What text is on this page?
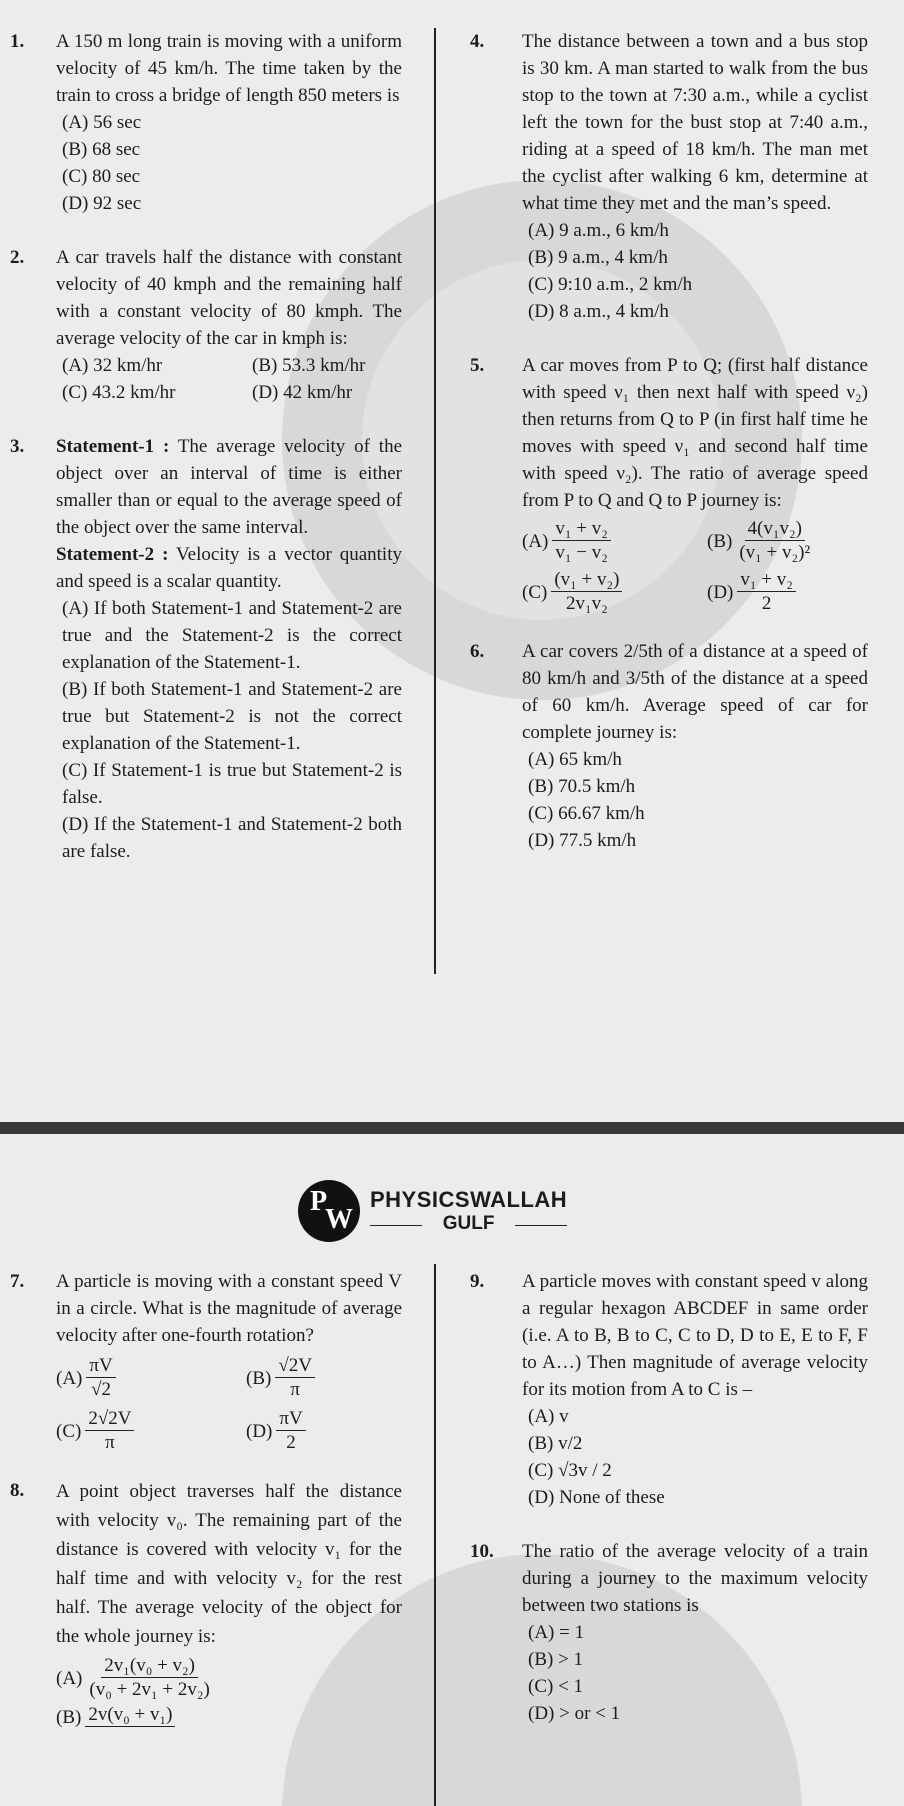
1. A 150 m long train is moving with a uniform velocity of 45 km/h. The time taken by the train to cross a bridge of length 850 meters is
(A) 56 sec
(B) 68 sec
(C) 80 sec
(D) 92 sec
2. A car travels half the distance with constant velocity of 40 kmph and the remaining half with a constant velocity of 80 kmph. The average velocity of the car in kmph is:
(A) 32 km/hr	(B) 53.3 km/hr
(C) 43.2 km/hr	(D) 42 km/hr
3. Statement-1 : The average velocity of the object over an interval of time is either smaller than or equal to the average speed of the object over the same interval.
Statement-2 : Velocity is a vector quantity and speed is a scalar quantity.
(A) If both Statement-1 and Statement-2 are true and the Statement-2 is the correct explanation of the Statement-1.
(B) If both Statement-1 and Statement-2 are true but Statement-2 is not the correct explanation of the Statement-1.
(C) If Statement-1 is true but Statement-2 is false.
(D) If the Statement-1 and Statement-2 both are false.
4. The distance between a town and a bus stop is 30 km. A man started to walk from the bus stop to the town at 7:30 a.m., while a cyclist left the town for the bust stop at 7:40 a.m., riding at a speed of 18 km/h. The man met the cyclist after walking 6 km, determine at what time they met and the man’s speed.
(A) 9 a.m., 6 km/h
(B) 9 a.m., 4 km/h
(C) 9:10 a.m., 2 km/h
(D) 8 a.m., 4 km/h
5. A car moves from P to Q; (first half distance with speed ν₁ then next half with speed ν₂) then returns from Q to P (in first half time he moves with speed ν₁ and second half time with speed ν₂). The ratio of average speed from P to Q and Q to P journey is:
$(A) \frac{\text{v₁ + v₂}}{\text{v₁ − v₂}}$	$(B) \frac{\text{4(v₁v₂)}}{\text{(v₁ + v₂)²}}$
$(C) \frac{\text{(v₁ + v₂)}}{\text{2v₁v₂}}$	$(D) \frac{\text{v₁ + v₂}}{2}$
6. A car covers 2/5th of a distance at a speed of 80 km/h and 3/5th of the distance at a speed of 60 km/h. Average speed of car for complete journey is:
(A) 65 km/h
(B) 70.5 km/h
(C) 66.67 km/h
(D) 77.5 km/h
P
W
PHYSICSWALLAH
GULF
7. A particle is moving with a constant speed V in a circle. What is the magnitude of average velocity after one-fourth rotation?
$(A) \frac{\pi V}{√2}$	$(B) \frac{√2V}{\pi}$
$(C) \frac{2√2V}{\pi}$	$(D) \frac{\pi V}{2}$
8. A point object traverses half the distance with velocity v₀. The remaining part of the distance is covered with velocity v₁ for the half time and with velocity v₂ for the rest half. The average velocity of the object for the whole journey is:
$(A) \frac{\text{2v₁(v₀ + v₂)}}{\text{(v₀ + 2v₁ + 2v₂)}}$
(B) 2v(v₀ + v₁)
9. A particle moves with constant speed v along a regular hexagon ABCDEF in same order (i.e. A to B, B to C, C to D, D to E, E to F, F to A…) Then magnitude of average velocity for its motion from A to C is –
(A) v
(B) v/2
(C) √3v / 2
(D) None of these
10. The ratio of the average velocity of a train during a journey to the maximum velocity between two stations is
(A) = 1
(B) > 1
(C) < 1
(D) > or < 1
